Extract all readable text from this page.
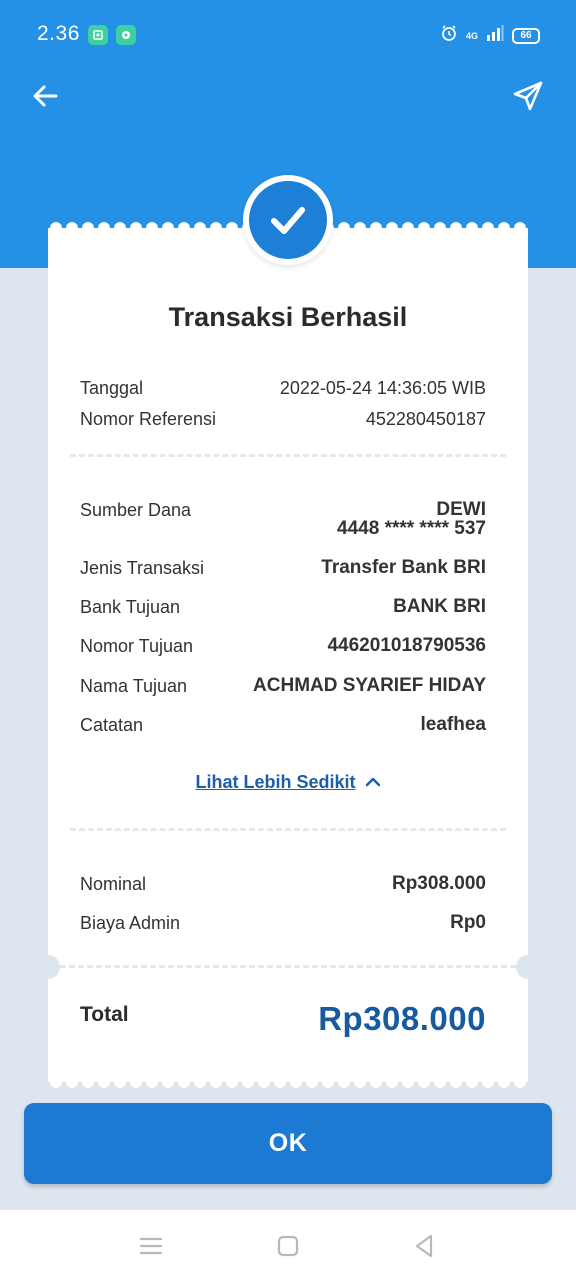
2.36	4G	66
Transaksi Berhasil
Tanggal	2022-05-24 14:36:05 WIB
Nomor Referensi	452280450187
Sumber Dana	DEWI
4448 **** **** 537
Jenis Transaksi	Transfer Bank BRI
Bank Tujuan	BANK BRI
Nomor Tujuan	446201018790536
Nama Tujuan	ACHMAD SYARIEF HIDAY
Catatan	leafhea
Lihat Lebih Sedikit
Nominal	Rp308.000
Biaya Admin	Rp0
Total	Rp308.000
OK
